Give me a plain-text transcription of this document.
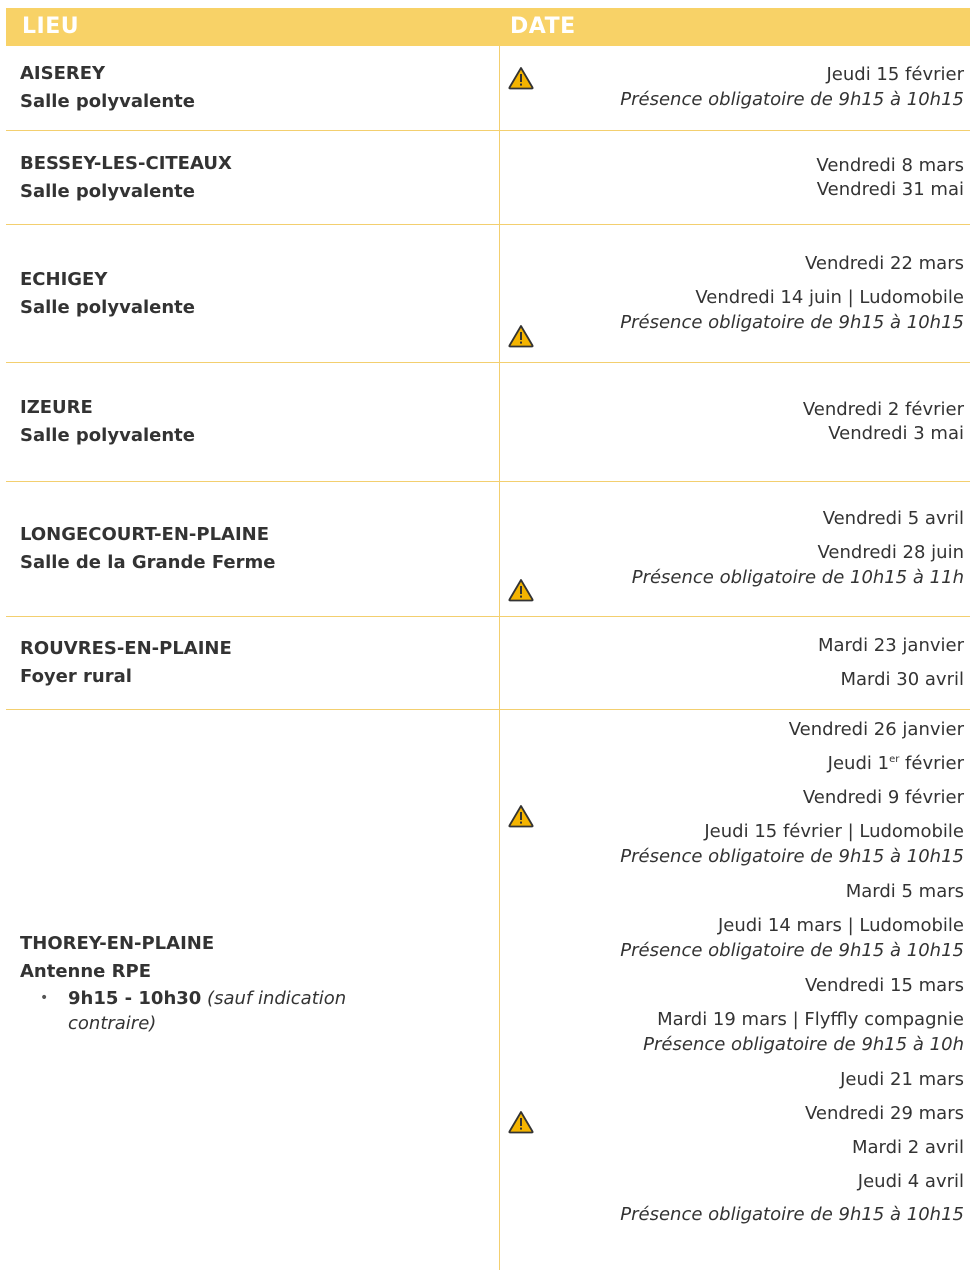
LIEU	DATE
AISEREY
Salle polyvalente
Jeudi 15 février
Présence obligatoire de 9h15 à 10h15
BESSEY-LES-CITEAUX
Salle polyvalente
Vendredi 8 mars
Vendredi 31 mai
ECHIGEY
Salle polyvalente
Vendredi 22 mars
Vendredi 14 juin | Ludomobile
Présence obligatoire de 9h15 à 10h15
IZEURE
Salle polyvalente
Vendredi 2 février
Vendredi 3 mai
LONGECOURT-EN-PLAINE
Salle de la Grande Ferme
Vendredi 5 avril
Vendredi 28 juin
Présence obligatoire de 10h15 à 11h
ROUVRES-EN-PLAINE
Foyer rural
Mardi 23 janvier
Mardi 30 avril
THOREY-EN-PLAINE
Antenne RPE
•	9h15 - 10h30 (sauf indication contraire)
Vendredi 26 janvier
Jeudi 1er février
Vendredi 9 février
Jeudi 15 février | Ludomobile
Présence obligatoire de 9h15 à 10h15
Mardi 5 mars
Jeudi 14 mars | Ludomobile
Présence obligatoire de 9h15 à 10h15
Vendredi 15 mars
Mardi 19 mars | Flyffly compagnie
Présence obligatoire de 9h15 à 10h
Jeudi 21 mars
Vendredi 29 mars
Mardi 2 avril
Jeudi 4 avril
Présence obligatoire de 9h15 à 10h15
